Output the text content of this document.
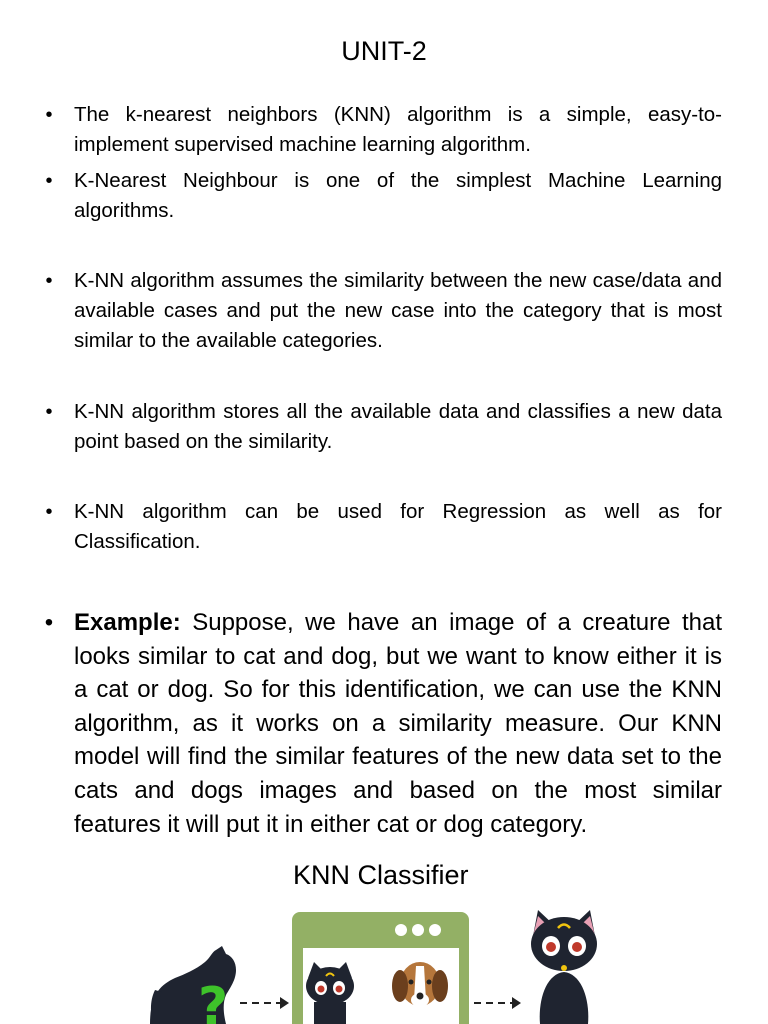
UNIT-2
• The k-nearest neighbors (KNN) algorithm is a simple, easy-to-implement supervised machine learning algorithm.
• K-Nearest Neighbour is one of the simplest Machine Learning algorithms.
• K-NN algorithm assumes the similarity between the new case/data and available cases and put the new case into the category that is most similar to the available categories.
• K-NN algorithm stores all the available data and classifies a new data point based on the similarity.
• K-NN algorithm can be used for Regression as well as for Classification.
• Example: Suppose, we have an image of a creature that looks similar to cat and dog, but we want to know either it is a cat or dog. So for this identification, we can use the KNN algorithm, as it works on a similarity measure. Our KNN model will find the similar features of the new data set to the cats and dogs images and based on the most similar features it will put it in either cat or dog category.
KNN Classifier
?
